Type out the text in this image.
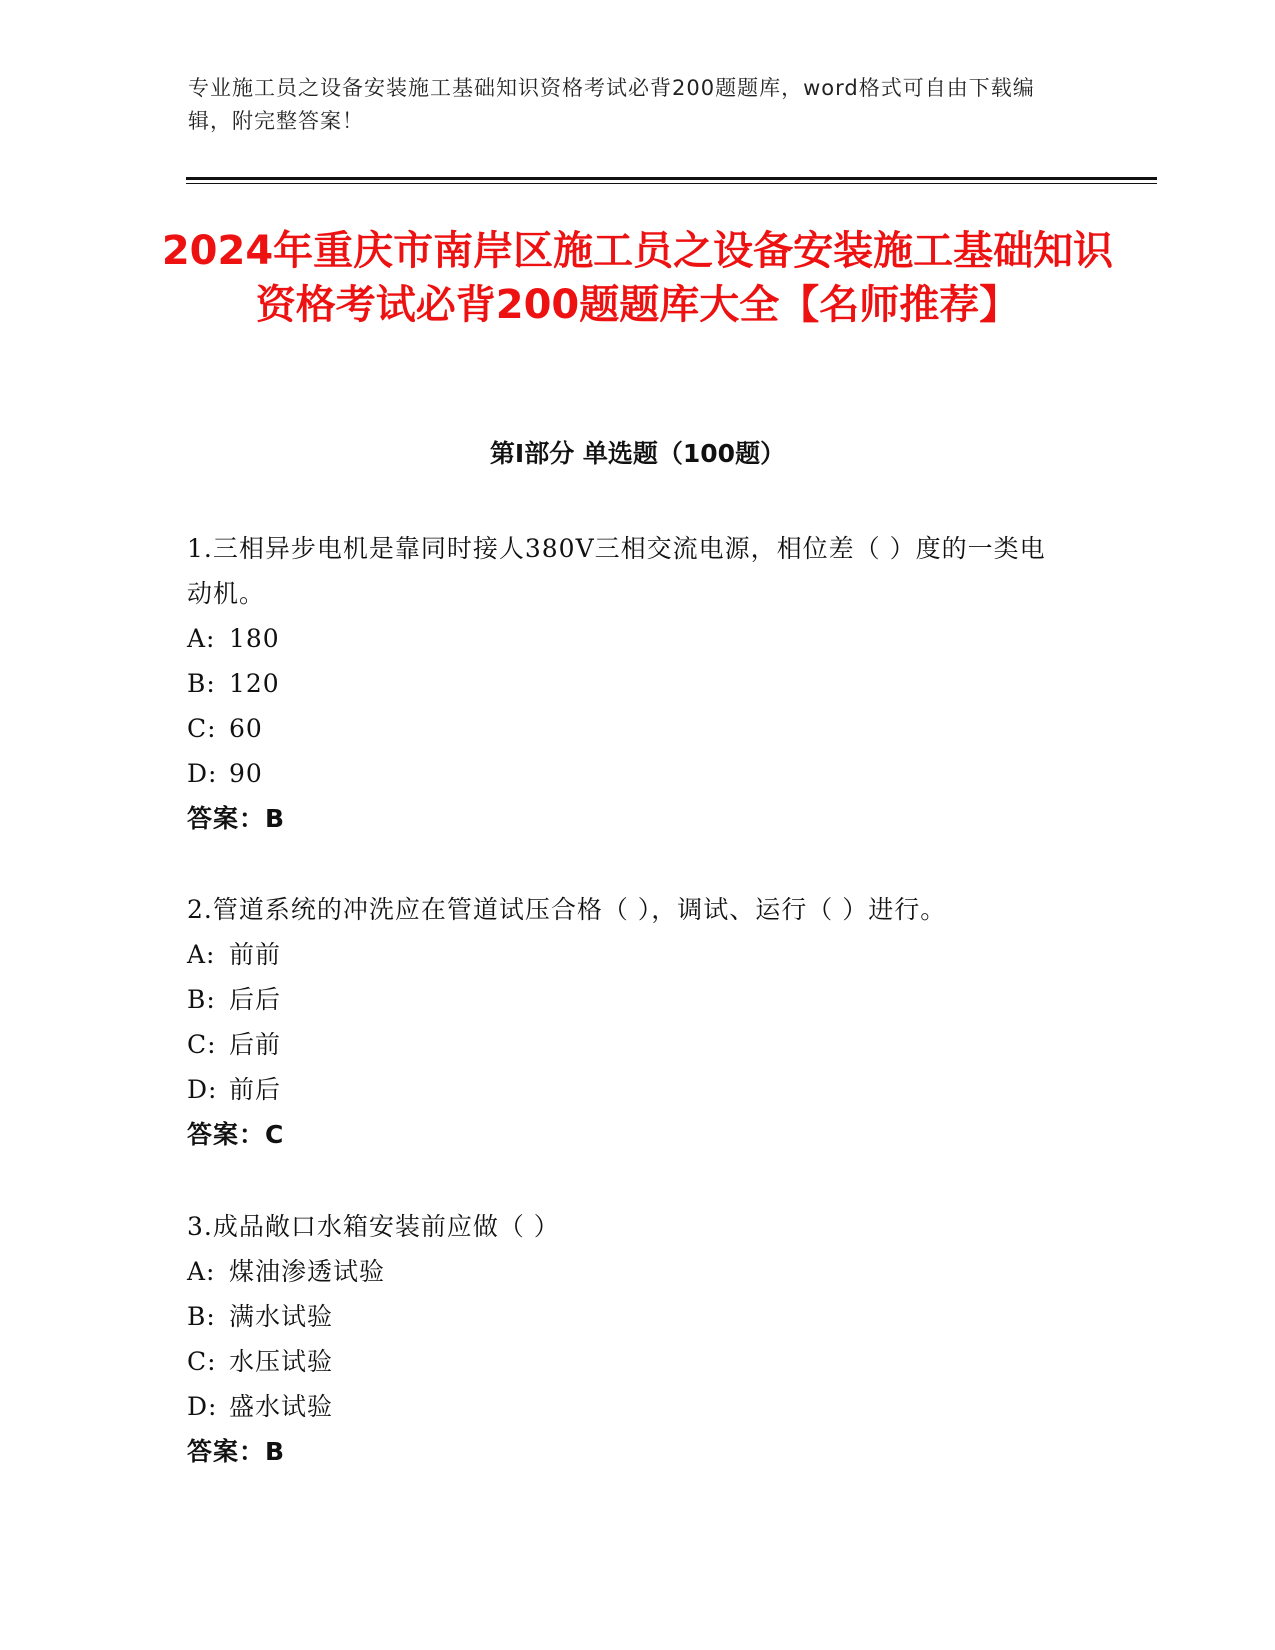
专业施工员之设备安装施工基础知识资格考试必背200题题库，word格式可自由下载编辑，附完整答案！
2024年重庆市南岸区施工员之设备安装施工基础知识资格考试必背200题题库大全【名师推荐】
第Ⅰ部分 单选题（100题）

1.三相异步电机是靠同时接人380V三相交流电源，相位差（ ）度的一类电动机。

A: 180

B: 120

C: 60

D: 90

答案：B

2.管道系统的冲洗应在管道试压合格（ ），调试、运行（ ）进行。

A: 前前

B: 后后

C: 后前

D: 前后

答案：C

3.成品敞口水箱安装前应做（ ）

A: 煤油渗透试验

B: 满水试验

C: 水压试验

D: 盛水试验

答案：B
